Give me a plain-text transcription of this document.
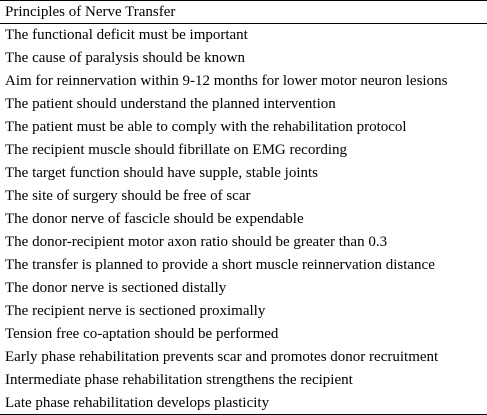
Principles of Nerve Transfer
The functional deficit must be important
The cause of paralysis should be known
Aim for reinnervation within 9-12 months for lower motor neuron lesions
The patient should understand the planned intervention
The patient must be able to comply with the rehabilitation protocol
The recipient muscle should fibrillate on EMG recording
The target function should have supple, stable joints
The site of surgery should be free of scar
The donor nerve of fascicle should be expendable
The donor-recipient motor axon ratio should be greater than 0.3
The transfer is planned to provide a short muscle reinnervation distance
The donor nerve is sectioned distally
The recipient nerve is sectioned proximally
Tension free co-aptation should be performed
Early phase rehabilitation prevents scar and promotes donor recruitment
Intermediate phase rehabilitation strengthens the recipient
Late phase rehabilitation develops plasticity
